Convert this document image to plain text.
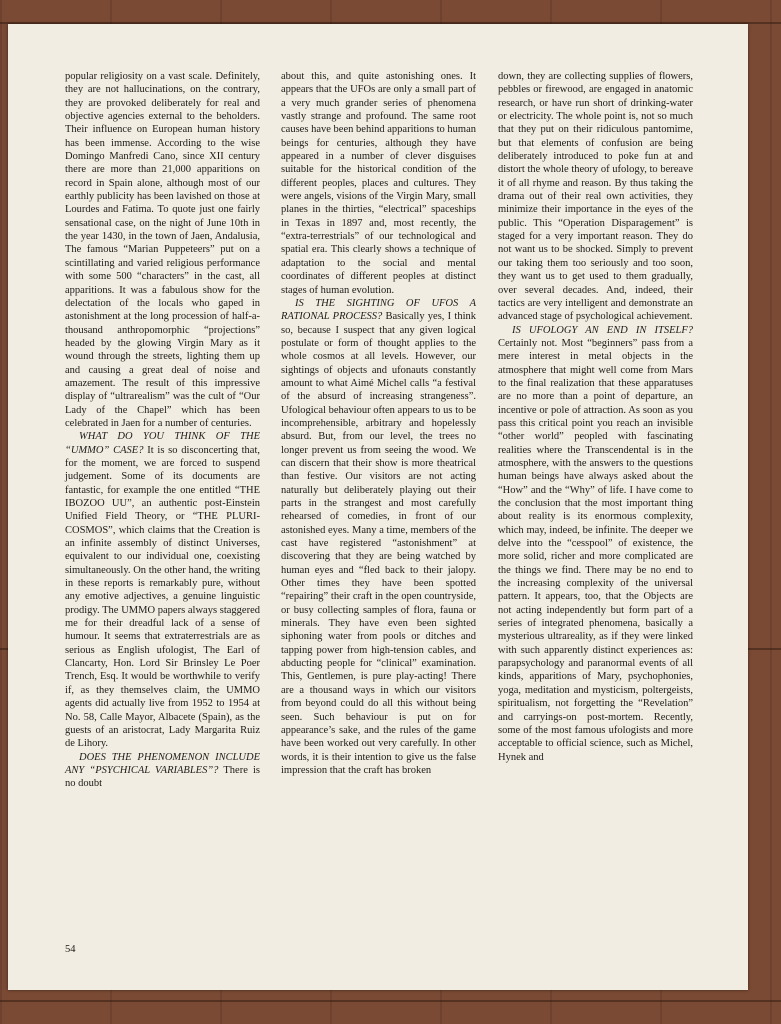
popular religiosity on a vast scale. Definitely, they are not hallucinations, on the contrary, they are provoked deliberately for real and objective agencies external to the beholders. Their influence on European human history has been immense. According to the wise Domingo Manfredi Cano, since XII century there are more than 21,000 apparitions on record in Spain alone, although most of our earthly publicity has been lavished on those at Lourdes and Fatima. To quote just one fairly sensational case, on the night of June 10th in the year 1430, in the town of Jaen, Andalusia, The famous “Marian Puppeteers” put on a scintillating and varied religious performance with some 500 “characters” in the cast, all apparitions. It was a fabulous show for the delectation of the locals who gaped in astonishment at the long procession of half-a-thousand anthropomorphic “projections” headed by the glowing Virgin Mary as it wound through the streets, lighting them up and causing a great deal of noise and amazement. The result of this impressive display of “ultrarealism” was the cult of “Our Lady of the Chapel” which has been celebrated in Jaen for a number of centuries.

WHAT DO YOU THINK OF THE “UMMO” CASE? It is so disconcerting that, for the moment, we are forced to suspend judgement. Some of its documents are fantastic, for example the one entitled “THE IBOZOO UU”, an authentic post-Einstein Unified Field Theory, or “THE PLURI-COSMOS”, which claims that the Creation is an infinite assembly of distinct Universes, equivalent to our individual one, coexisting simultaneously. On the other hand, the writing in these reports is remarkably pure, without any emotive adjectives, a genuine linguistic prodigy. The UMMO papers always staggered me for their dreadful lack of a sense of humour. It seems that extraterrestrials are as serious as English ufologist, The Earl of Clancarty, Hon. Lord Sir Brinsley Le Poer Trench, Esq. It would be worthwhile to verify if, as they themselves claim, the UMMO agents did actually live from 1952 to 1954 at No. 58, Calle Mayor, Albacete (Spain), as the guests of an aristocrat, Lady Margarita Ruiz de Lihory.

DOES THE PHENOMENON INCLUDE ANY “PSYCHICAL VARIABLES”? There is no doubt

about this, and quite astonishing ones. It appears that the UFOs are only a small part of a very much grander series of phenomena vastly strange and profound. The same root causes have been behind apparitions to human beings for centuries, although they have appeared in a number of clever disguises suitable for the historical condition of the different peoples, places and cultures. They were angels, visions of the Virgin Mary, small planes in the thirties, “electrical” spaceships in Texas in 1897 and, most recently, the “extra-terrestrials” of our technological and spatial era. This clearly shows a technique of adaptation to the social and mental coordinates of different peoples at distinct stages of human evolution.

IS THE SIGHTING OF UFOS A RATIONAL PROCESS? Basically yes, I think so, because I suspect that any given logical postulate or form of thought applies to the whole cosmos at all levels. However, our sightings of objects and ufonauts constantly amount to what Aimé Michel calls “a festival of the absurd of increasing strangeness”. Ufological behaviour often appears to us to be incomprehensible, arbitrary and hopelessly absurd. But, from our level, the trees no longer prevent us from seeing the wood. We can discern that their show is more theatrical than festive. Our visitors are not acting naturally but deliberately playing out their parts in the strangest and most carefully rehearsed of comedies, in front of our astonished eyes. Many a time, members of the cast have registered “astonishment” at discovering that they are being watched by human eyes and “fled back to their jalopy. Other times they have been spotted “repairing” their craft in the open countryside, or busy collecting samples of flora, fauna or minerals. They have even been sighted siphoning water from pools or ditches and tapping power from high-tension cables, and abducting people for “clinical” examination. This, Gentlemen, is pure play-acting! There are a thousand ways in which our visitors from beyond could do all this without being seen. Such behaviour is put on for appearance’s sake, and the rules of the game have been worked out very carefully. In other words, it is their intention to give us the false impression that the craft has broken

down, they are collecting supplies of flowers, pebbles or firewood, are engaged in anatomic research, or have run short of drinking-water or electricity. The whole point is, not so much that they put on their ridiculous pantomime, but that elements of confusion are being deliberately introduced to poke fun at and distort the whole theory of ufology, to bereave it of all rhyme and reason. By thus taking the drama out of their real own activities, they minimize their importance in the eyes of the public. This “Operation Disparagement” is staged for a very important reason. They do not want us to be shocked. Simply to prevent our taking them too seriously and too soon, they want us to get used to them gradually, over several decades. And, indeed, their tactics are very intelligent and demonstrate an advanced stage of psychological achievement.

IS UFOLOGY AN END IN ITSELF? Certainly not. Most “beginners” pass from a mere interest in metal objects in the atmosphere that might well come from Mars to the final realization that these apparatuses are no more than a point of departure, an incentive or pole of attraction. As soon as you pass this critical point you reach an invisible “other world” peopled with fascinating realities where the Transcendental is in the atmosphere, with the answers to the questions human beings have always asked about the “How” and the “Why” of life. I have come to the conclusion that the most important thing about reality is its enormous complexity, which may, indeed, be infinite. The deeper we delve into the “cesspool” of existence, the more solid, richer and more complicated are the things we find. There may be no end to the increasing complexity of the universal pattern. It appears, too, that the Objects are not acting independently but form part of a series of integrated phenomena, basically a mysterious ultrareality, as if they were linked with such apparently distinct experiences as: parapsychology and paranormal events of all kinds, apparitions of Mary, psychophonies, yoga, meditation and mysticism, poltergeists, spiritualism, not forgetting the “Revelation” and carryings-on post-mortem. Recently, some of the most famous ufologists and more acceptable to official science, such as Michel, Hynek and

54
